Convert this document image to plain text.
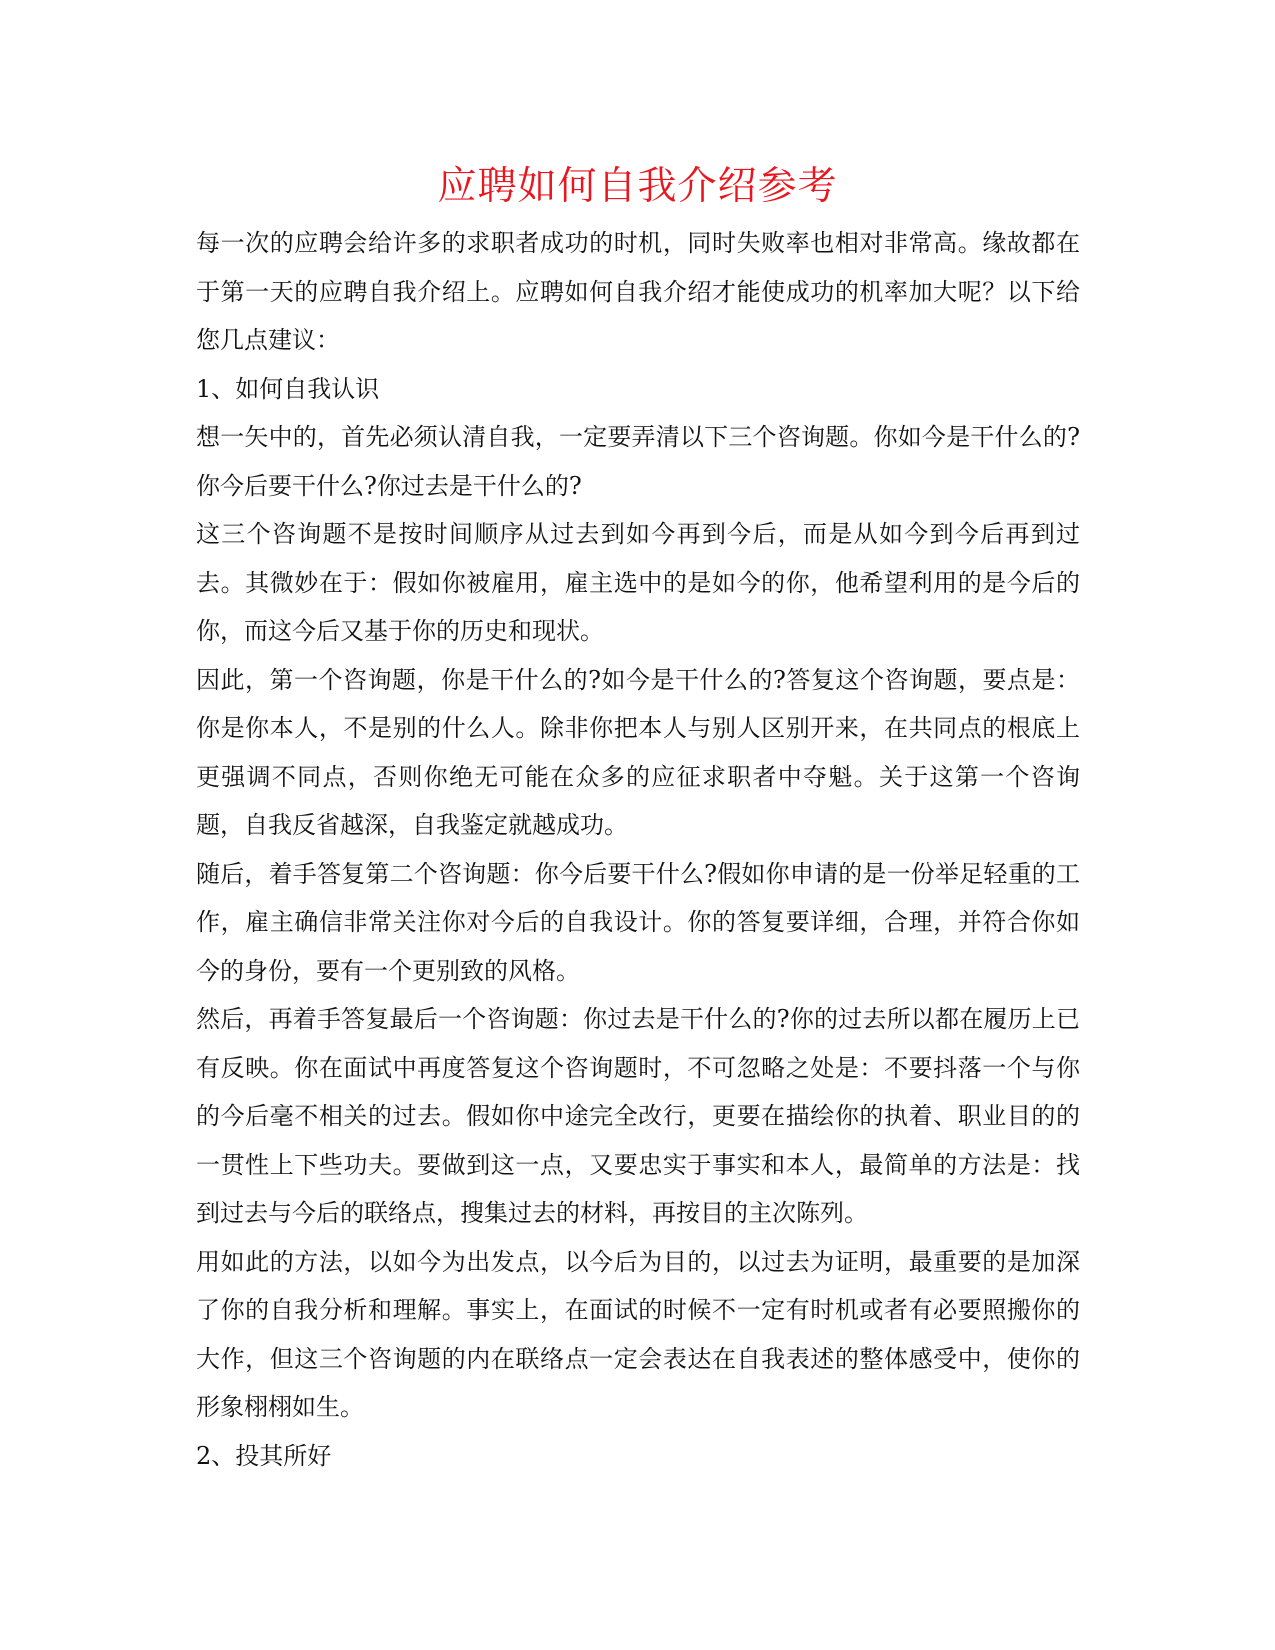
应聘如何自我介绍参考

每一次的应聘会给许多的求职者成功的时机，同时失败率也相对非常高。缘故都在于第一天的应聘自我介绍上。应聘如何自我介绍才能使成功的机率加大呢？以下给您几点建议：

1、如何自我认识

想一矢中的，首先必须认清自我，一定要弄清以下三个咨询题。你如今是干什么的?你今后要干什么?你过去是干什么的?

这三个咨询题不是按时间顺序从过去到如今再到今后，而是从如今到今后再到过去。其微妙在于：假如你被雇用，雇主选中的是如今的你，他希望利用的是今后的你，而这今后又基于你的历史和现状。

因此，第一个咨询题，你是干什么的?如今是干什么的?答复这个咨询题，要点是：你是你本人，不是别的什么人。除非你把本人与别人区别开来，在共同点的根底上更强调不同点，否则你绝无可能在众多的应征求职者中夺魁。关于这第一个咨询题，自我反省越深，自我鉴定就越成功。

随后，着手答复第二个咨询题：你今后要干什么?假如你申请的是一份举足轻重的工作，雇主确信非常关注你对今后的自我设计。你的答复要详细，合理，并符合你如今的身份，要有一个更别致的风格。

然后，再着手答复最后一个咨询题：你过去是干什么的?你的过去所以都在履历上已有反映。你在面试中再度答复这个咨询题时，不可忽略之处是：不要抖落一个与你的今后毫不相关的过去。假如你中途完全改行，更要在描绘你的执着、职业目的的一贯性上下些功夫。要做到这一点，又要忠实于事实和本人，最简单的方法是：找到过去与今后的联络点，搜集过去的材料，再按目的主次陈列。

用如此的方法，以如今为出发点，以今后为目的，以过去为证明，最重要的是加深了你的自我分析和理解。事实上，在面试的时候不一定有时机或者有必要照搬你的大作，但这三个咨询题的内在联络点一定会表达在自我表述的整体感受中，使你的形象栩栩如生。

2、投其所好
